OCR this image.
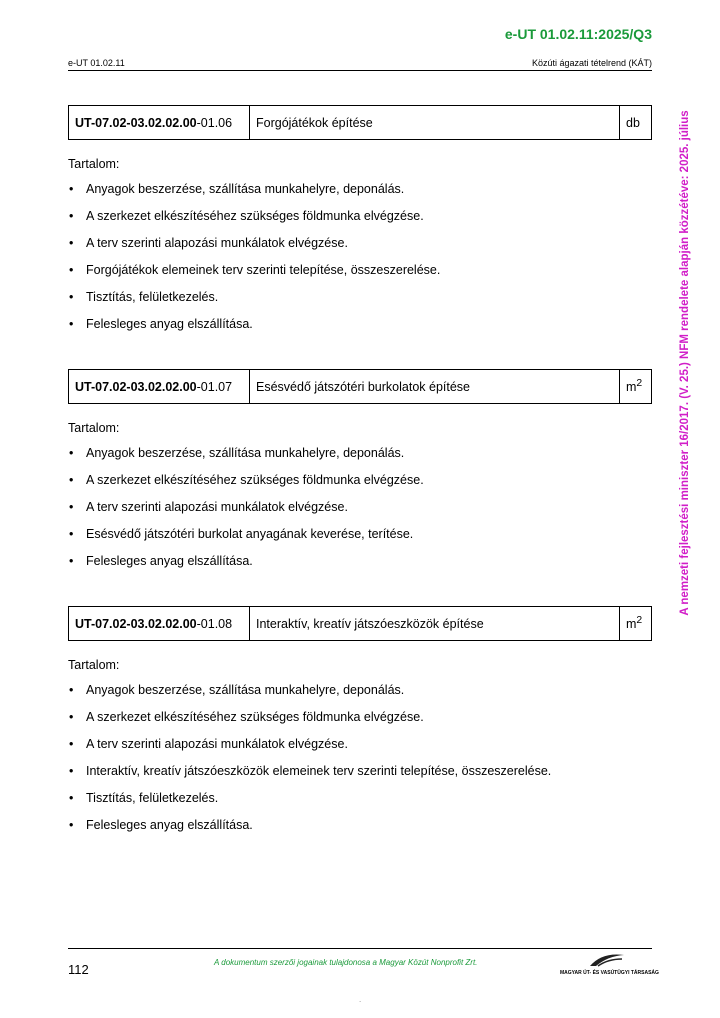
e-UT 01.02.11:2025/Q3
e-UT 01.02.11	Közúti ágazati tételrend (KÁT)
A nemzeti fejlesztési miniszter 16/2017. (V. 25.) NFM rendelete alapján közzétéve: 2025. július
UT-07.02-03.02.02.00-01.06	Forgójátékok építése	db
Tartalom:
• Anyagok beszerzése, szállítása munkahelyre, deponálás.
• A szerkezet elkészítéséhez szükséges földmunka elvégzése.
• A terv szerinti alapozási munkálatok elvégzése.
• Forgójátékok elemeinek terv szerinti telepítése, összeszerelése.
• Tisztítás, felületkezelés.
• Felesleges anyag elszállítása.
UT-07.02-03.02.02.00-01.07	Esésvédő játszótéri burkolatok építése	$m^2$
Tartalom:
• Anyagok beszerzése, szállítása munkahelyre, deponálás.
• A szerkezet elkészítéséhez szükséges földmunka elvégzése.
• A terv szerinti alapozási munkálatok elvégzése.
• Esésvédő játszótéri burkolat anyagának keverése, terítése.
• Felesleges anyag elszállítása.
UT-07.02-03.02.02.00-01.08	Interaktív, kreatív játszóeszközök építése	$m^2$
Tartalom:
• Anyagok beszerzése, szállítása munkahelyre, deponálás.
• A szerkezet elkészítéséhez szükséges földmunka elvégzése.
• A terv szerinti alapozási munkálatok elvégzése.
• Interaktív, kreatív játszóeszközök elemeinek terv szerinti telepítése, összeszerelése.
• Tisztítás, felületkezelés.
• Felesleges anyag elszállítása.
112	A dokumentum szerzői jogainak tulajdonosa a Magyar Közút Nonprofit Zrt.
MAGYAR ÚT- ÉS VASÚTÜGYI TÁRSASÁG
.
